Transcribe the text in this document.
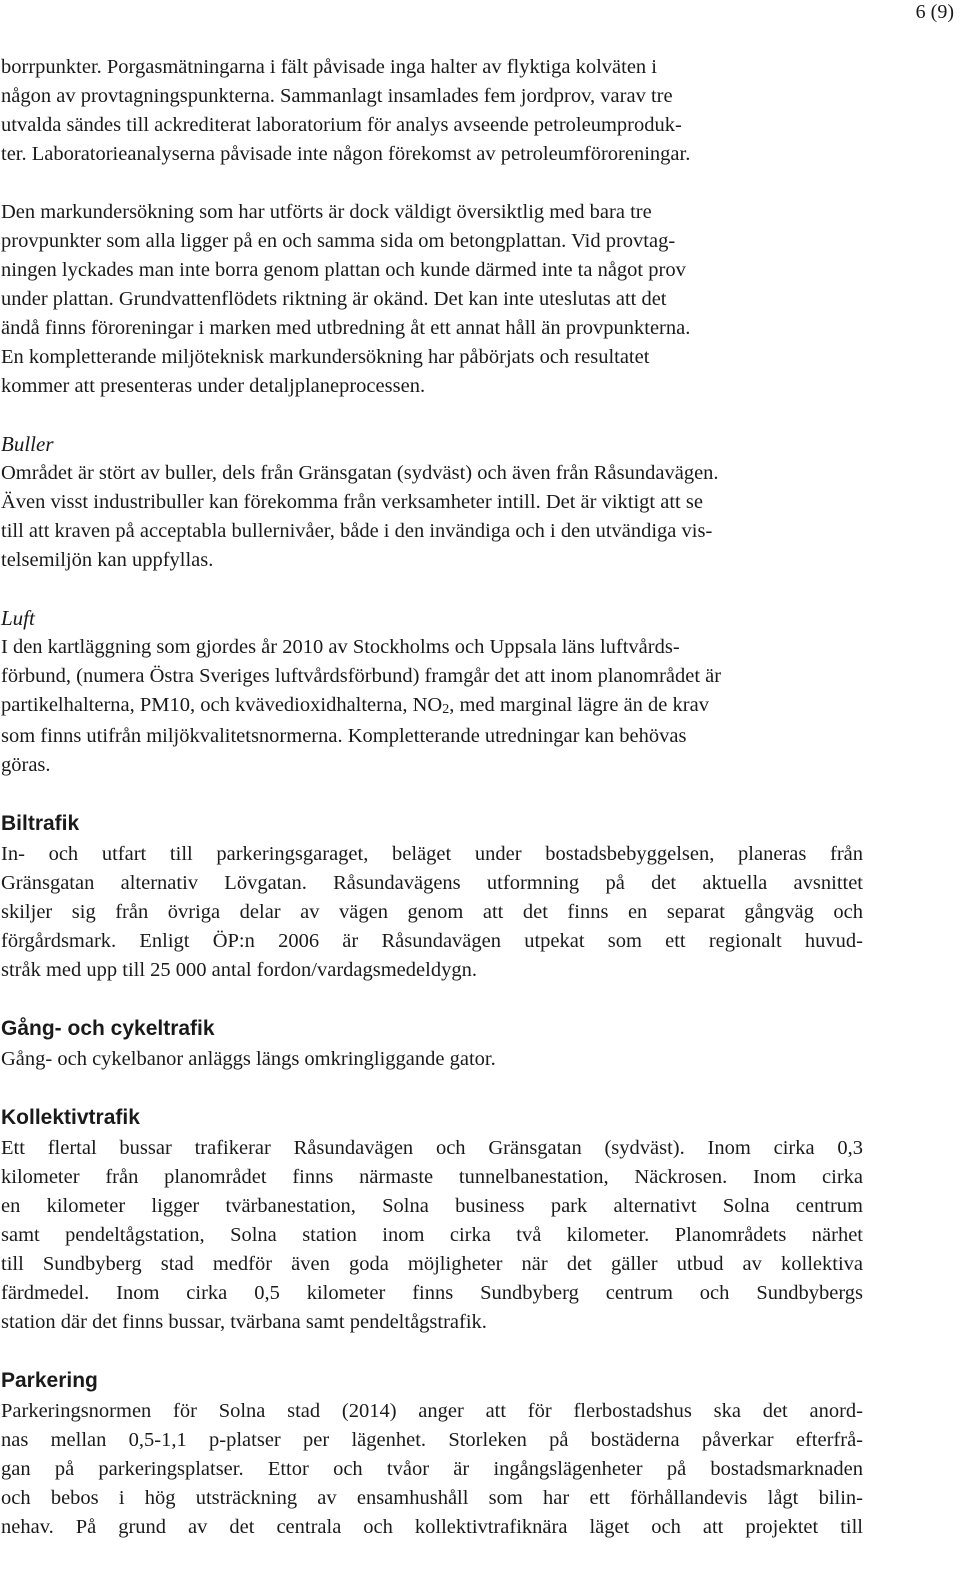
6 (9)

borrpunkter. Porgasmätningarna i fält påvisade inga halter av flyktiga kolväten i
någon av provtagningspunkterna. Sammanlagt insamlades fem jordprov, varav tre
utvalda sändes till ackrediterat laboratorium för analys avseende petroleumproduk-
ter. Laboratorieanalyserna påvisade inte någon förekomst av petroleumföroreningar.

Den markundersökning som har utförts är dock väldigt översiktlig med bara tre
provpunkter som alla ligger på en och samma sida om betongplattan. Vid provtag-
ningen lyckades man inte borra genom plattan och kunde därmed inte ta något prov
under plattan. Grundvattenflödets riktning är okänd. Det kan inte uteslutas att det
ändå finns föroreningar i marken med utbredning åt ett annat håll än provpunkterna.
En kompletterande miljöteknisk markundersökning har påbörjats och resultatet
kommer att presenteras under detaljplaneprocessen.

Buller

Området är stört av buller, dels från Gränsgatan (sydväst) och även från Råsundavägen.
Även visst industribuller kan förekomma från verksamheter intill. Det är viktigt att se
till att kraven på acceptabla bullernivåer, både i den invändiga och i den utvändiga vis-
telsemiljön kan uppfyllas.

Luft

I den kartläggning som gjordes år 2010 av Stockholms och Uppsala läns luftvårds-
förbund, (numera Östra Sveriges luftvårdsförbund) framgår det att inom planområdet är
partikelhalterna, PM10, och kvävedioxidhalterna, $NO_2$, med marginal lägre än de krav
som finns utifrån miljökvalitetsnormerna. Kompletterande utredningar kan behövas
göras.

Biltrafik

In- och utfart till parkeringsgaraget, beläget under bostadsbebyggelsen, planeras från
Gränsgatan alternativ Lövgatan. Råsundavägens utformning på det aktuella avsnittet
skiljer sig från övriga delar av vägen genom att det finns en separat gångväg och
förgårdsmark. Enligt ÖP:n 2006 är Råsundavägen utpekat som ett regionalt huvud-
stråk med upp till 25 000 antal fordon/vardagsmedeldygn.

Gång- och cykeltrafik

Gång- och cykelbanor anläggs längs omkringliggande gator.

Kollektivtrafik

Ett flertal bussar trafikerar Råsundavägen och Gränsgatan (sydväst). Inom cirka 0,3
kilometer från planområdet finns närmaste tunnelbanestation, Näckrosen. Inom cirka
en kilometer ligger tvärbanestation, Solna business park alternativt Solna centrum
samt pendeltågstation, Solna station inom cirka två kilometer. Planområdets närhet
till Sundbyberg stad medför även goda möjligheter när det gäller utbud av kollektiva
färdmedel. Inom cirka 0,5 kilometer finns Sundbyberg centrum och Sundbybergs
station där det finns bussar, tvärbana samt pendeltågstrafik.

Parkering

Parkeringsnormen för Solna stad (2014) anger att för flerbostadshus ska det anord-
nas mellan 0,5-1,1 p-platser per lägenhet. Storleken på bostäderna påverkar efterfrå-
gan på parkeringsplatser. Ettor och tvåor är ingångslägenheter på bostadsmarknaden
och bebos i hög utsträckning av ensamhushåll som har ett förhållandevis lågt bilin-
nehav. På grund av det centrala och kollektivtrafiknära läget och att projektet till
